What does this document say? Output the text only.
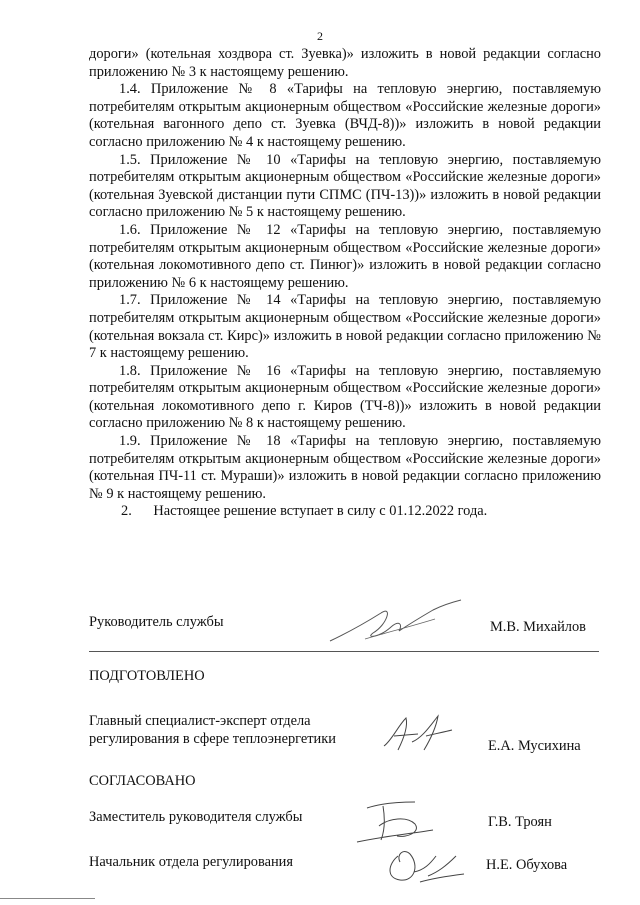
2

дороги» (котельная хоздвора ст. Зуевка)» изложить в новой редакции согласно приложению № 3 к настоящему решению.

1.4. Приложение № 8 «Тарифы на тепловую энергию, поставляемую потребителям открытым акционерным обществом «Российские железные дороги» (котельная вагонного депо ст. Зуевка (ВЧД-8))» изложить в новой редакции согласно приложению № 4 к настоящему решению.

1.5. Приложение № 10 «Тарифы на тепловую энергию, поставляемую потребителям открытым акционерным обществом «Российские железные дороги» (котельная Зуевской дистанции пути СПМС (ПЧ-13))» изложить в новой редакции согласно приложению № 5 к настоящему решению.

1.6. Приложение № 12 «Тарифы на тепловую энергию, поставляемую потребителям открытым акционерным обществом «Российские железные дороги» (котельная локомотивного депо ст. Пинюг)» изложить в новой редакции согласно приложению № 6 к настоящему решению.

1.7. Приложение № 14 «Тарифы на тепловую энергию, поставляемую потребителям открытым акционерным обществом «Российские железные дороги» (котельная вокзала ст. Кирс)» изложить в новой редакции согласно приложению № 7 к настоящему решению.

1.8. Приложение № 16 «Тарифы на тепловую энергию, поставляемую потребителям открытым акционерным обществом «Российские железные дороги» (котельная локомотивного депо г. Киров (ТЧ-8))» изложить в новой редакции согласно приложению № 8 к настоящему решению.

1.9. Приложение № 18 «Тарифы на тепловую энергию, поставляемую потребителям открытым акционерным обществом «Российские железные дороги» (котельная ПЧ-11 ст. Мураши)» изложить в новой редакции согласно приложению № 9 к настоящему решению.

2.      Настоящее решение вступает в силу с 01.12.2022 года.

Руководитель службы	М.В. Михайлов
ПОДГОТОВЛЕНО
Главный специалист-эксперт отдела
регулирования в сфере теплоэнергетики	Е.А. Мусихина
СОГЛАСОВАНО
Заместитель руководителя службы	Г.В. Троян
Начальник отдела регулирования	Н.Е. Обухова
